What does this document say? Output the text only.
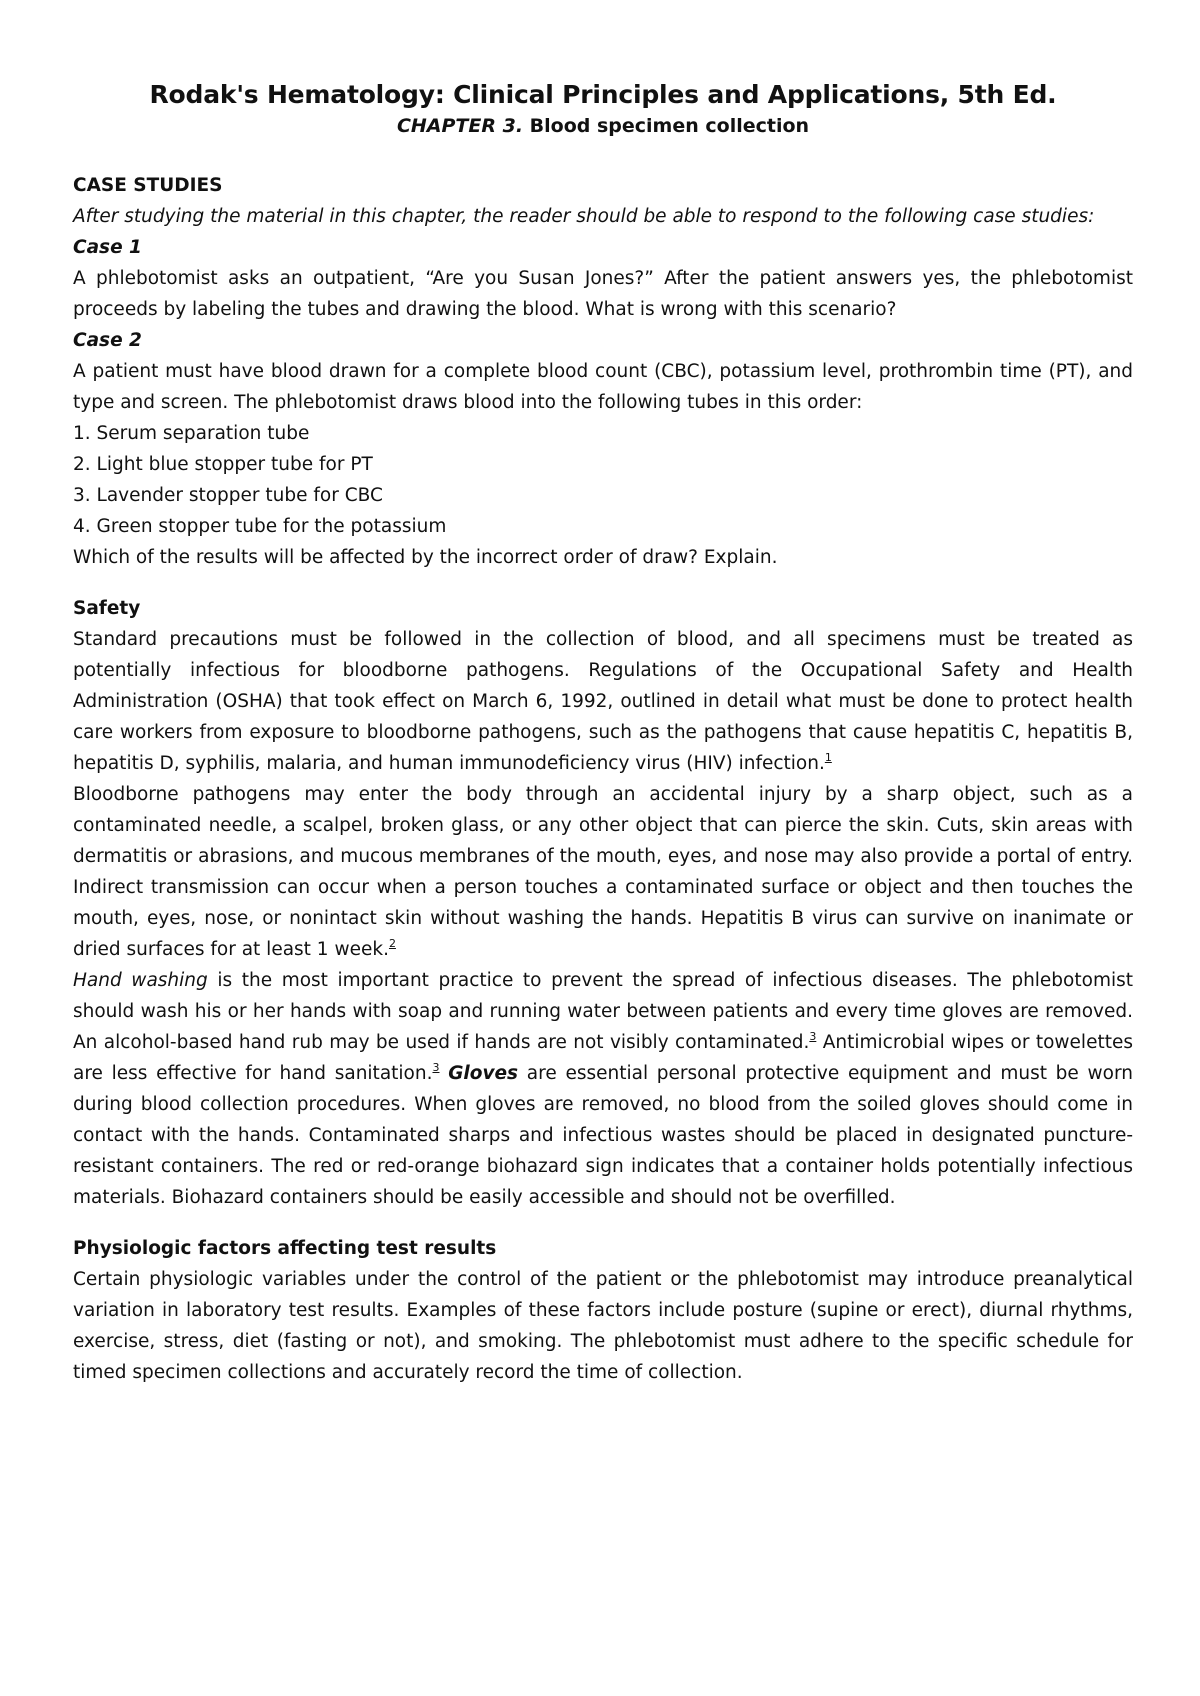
Rodak's Hematology: Clinical Principles and Applications, 5th Ed.
CHAPTER 3. Blood specimen collection
CASE STUDIES

After studying the material in this chapter, the reader should be able to respond to the following case studies:

Case 1

A phlebotomist asks an outpatient, “Are you Susan Jones?” After the patient answers yes, the phlebotomist proceeds by labeling the tubes and drawing the blood. What is wrong with this scenario?

Case 2

A patient must have blood drawn for a complete blood count (CBC), potassium level, prothrombin time (PT), and type and screen. The phlebotomist draws blood into the following tubes in this order:

1. Serum separation tube
2. Light blue stopper tube for PT
3. Lavender stopper tube for CBC
4. Green stopper tube for the potassium

Which of the results will be affected by the incorrect order of draw? Explain.

Safety

Standard precautions must be followed in the collection of blood, and all specimens must be treated as potentially infectious for bloodborne pathogens. Regulations of the Occupational Safety and Health Administration (OSHA) that took effect on March 6, 1992, outlined in detail what must be done to protect health care workers from exposure to bloodborne pathogens, such as the pathogens that cause hepatitis C, hepatitis B, hepatitis D, syphilis, malaria, and human immunodeficiency virus (HIV) infection.$^1$

Bloodborne pathogens may enter the body through an accidental injury by a sharp object, such as a contaminated needle, a scalpel, broken glass, or any other object that can pierce the skin. Cuts, skin areas with dermatitis or abrasions, and mucous membranes of the mouth, eyes, and nose may also provide a portal of entry. Indirect transmission can occur when a person touches a contaminated surface or object and then touches the mouth, eyes, nose, or nonintact skin without washing the hands. Hepatitis B virus can survive on inanimate or dried surfaces for at least 1 week.$^2$

Hand washing is the most important practice to prevent the spread of infectious diseases. The phlebotomist should wash his or her hands with soap and running water between patients and every time gloves are removed. An alcohol-based hand rub may be used if hands are not visibly contaminated.$^3$ Antimicrobial wipes or towelettes are less effective for hand sanitation.$^3$ Gloves are essential personal protective equipment and must be worn during blood collection procedures. When gloves are removed, no blood from the soiled gloves should come in contact with the hands. Contaminated sharps and infectious wastes should be placed in designated puncture-resistant containers. The red or red-orange biohazard sign indicates that a container holds potentially infectious materials. Biohazard containers should be easily accessible and should not be overfilled.

Physiologic factors affecting test results

Certain physiologic variables under the control of the patient or the phlebotomist may introduce preanalytical variation in laboratory test results. Examples of these factors include posture (supine or erect), diurnal rhythms, exercise, stress, diet (fasting or not), and smoking. The phlebotomist must adhere to the specific schedule for timed specimen collections and accurately record the time of collection.
